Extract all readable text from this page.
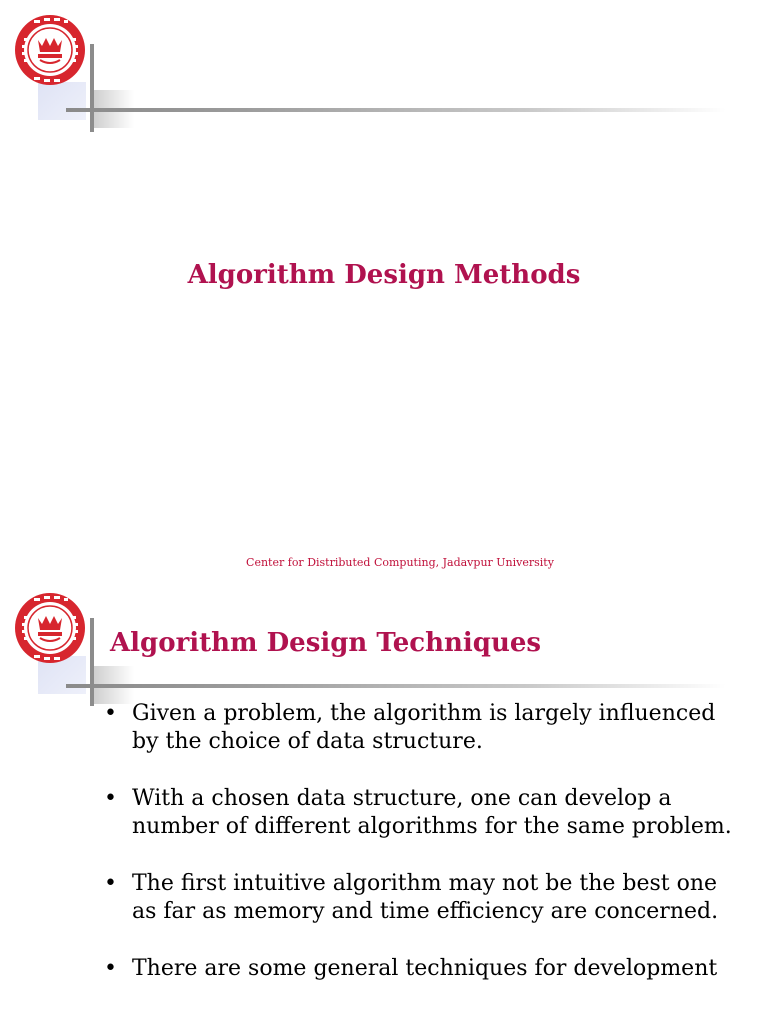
Algorithm Design Methods
Center for Distributed Computing, Jadavpur University
Algorithm Design Techniques
• Given a problem, the algorithm is largely influenced by the choice of data structure.
• With a chosen data structure, one can develop a number of different algorithms for the same problem.
• The first intuitive algorithm may not be the best one as far as memory and time efficiency are concerned.
• There are some general techniques for development
